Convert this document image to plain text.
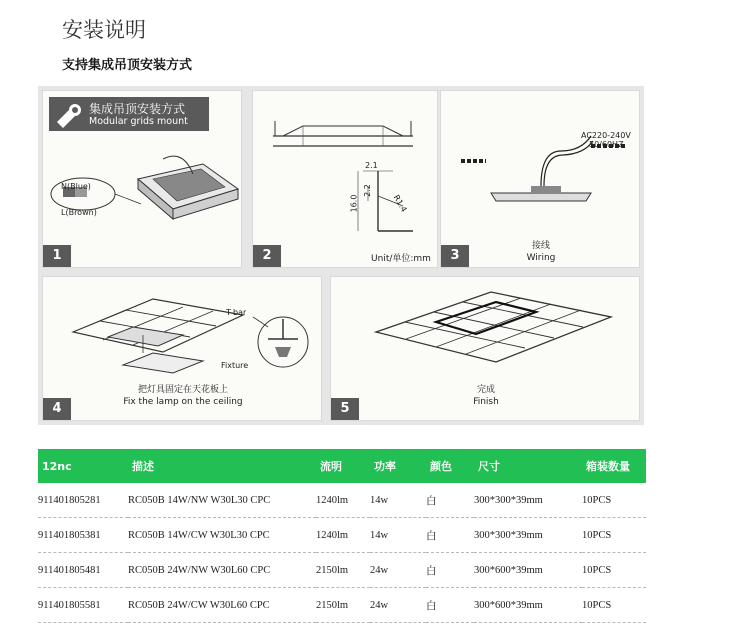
安装说明
支持集成吊顶安装方式
集成吊顶安装方式
Modular grids mount
N(Blue)
L(Brown)
1
2.1
2.2
16.0	R1.4
Unit/单位:mm
2
AC220-240V
50/60HZ
接线
Wiring
3
T-bar
Fixture
把灯具固定在天花板上
Fix the lamp on the ceiling
4
完成
Finish
5
12nc	描述	流明	功率	颜色	尺寸	箱装数量
911401805281	RC050B 14W/NW W30L30 CPC	1240lm	14w	白	300*300*39mm	10PCS
911401805381	RC050B 14W/CW W30L30 CPC	1240lm	14w	白	300*300*39mm	10PCS
911401805481	RC050B 24W/NW W30L60 CPC	2150lm	24w	白	300*600*39mm	10PCS
911401805581	RC050B 24W/CW W30L60 CPC	2150lm	24w	白	300*600*39mm	10PCS
